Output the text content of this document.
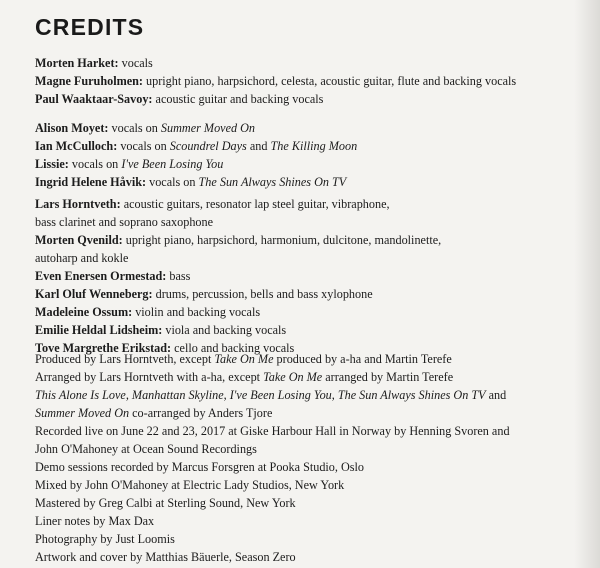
CREDITS
Morten Harket: vocals
Magne Furuholmen: upright piano, harpsichord, celesta, acoustic guitar, flute and backing vocals
Paul Waaktaar-Savoy: acoustic guitar and backing vocals
Alison Moyet: vocals on Summer Moved On
Ian McCulloch: vocals on Scoundrel Days and The Killing Moon
Lissie: vocals on I've Been Losing You
Ingrid Helene Håvik: vocals on The Sun Always Shines On TV
Lars Horntveth: acoustic guitars, resonator lap steel guitar, vibraphone,
bass clarinet and soprano saxophone
Morten Qvenild: upright piano, harpsichord, harmonium, dulcitone, mandolinette,
autoharp and kokle
Even Enersen Ormestad: bass
Karl Oluf Wenneberg: drums, percussion, bells and bass xylophone
Madeleine Ossum: violin and backing vocals
Emilie Heldal Lidsheim: viola and backing vocals
Tove Margrethe Erikstad: cello and backing vocals
Produced by Lars Horntveth, except Take On Me produced by a-ha and Martin Terefe
Arranged by Lars Horntveth with a-ha, except Take On Me arranged by Martin Terefe
This Alone Is Love, Manhattan Skyline, I've Been Losing You, The Sun Always Shines On TV and
Summer Moved On co-arranged by Anders Tjore
Recorded live on June 22 and 23, 2017 at Giske Harbour Hall in Norway by Henning Svoren and
John O'Mahoney at Ocean Sound Recordings
Demo sessions recorded by Marcus Forsgren at Pooka Studio, Oslo
Mixed by John O'Mahoney at Electric Lady Studios, New York
Mastered by Greg Calbi at Sterling Sound, New York
Liner notes by Max Dax
Photography by Just Loomis
Artwork and cover by Matthias Bäuerle, Season Zero
